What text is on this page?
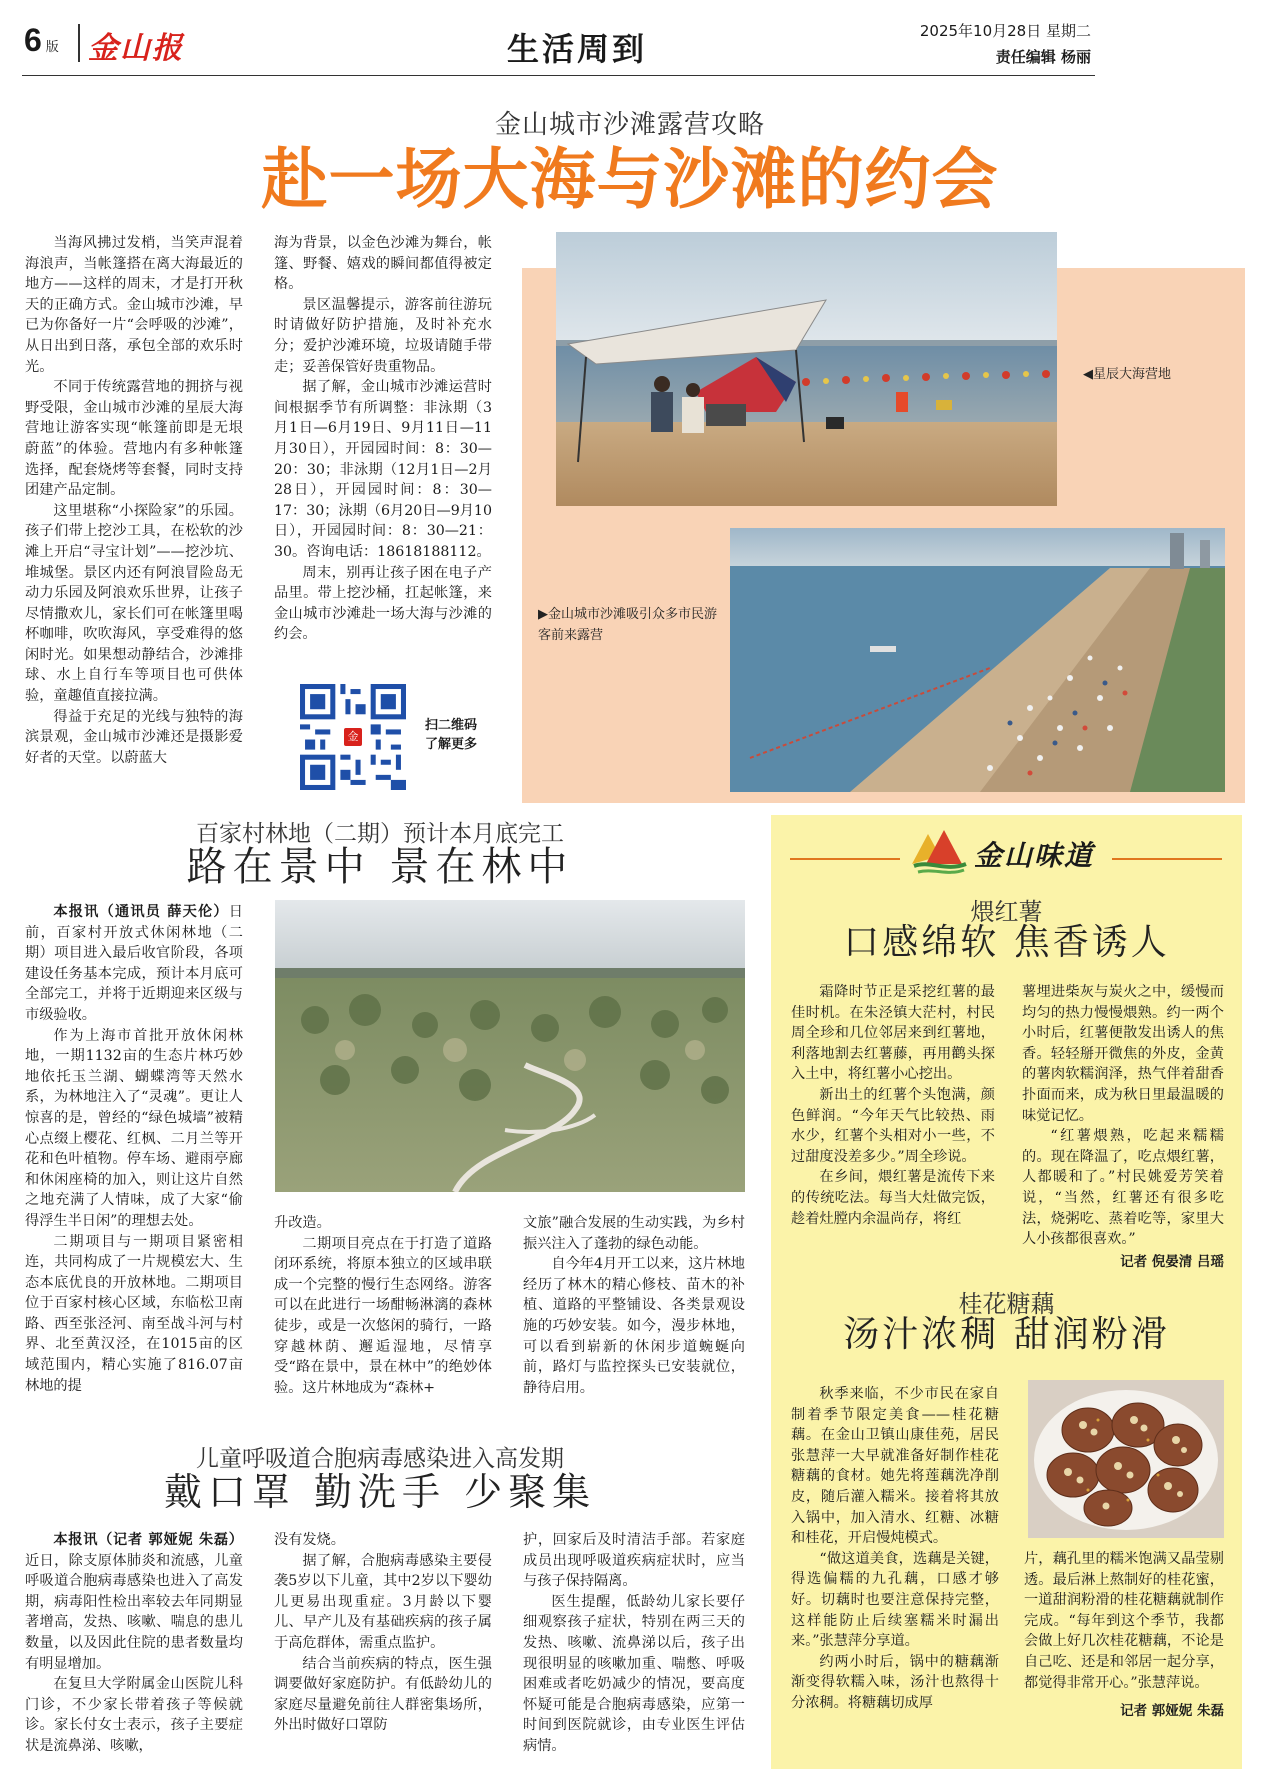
6 版 金山报	生活周到	2025年10月28日 星期二
责任编辑 杨丽
金山城市沙滩露营攻略
赴一场大海与沙滩的约会
◀星辰大海营地
▶金山城市沙滩吸引众多市民游客前来露营

当海风拂过发梢，当笑声混着海浪声，当帐篷搭在离大海最近的地方——这样的周末，才是打开秋天的正确方式。金山城市沙滩，早已为你备好一片“会呼吸的沙滩”，从日出到日落，承包全部的欢乐时光。

不同于传统露营地的拥挤与视野受限，金山城市沙滩的星辰大海营地让游客实现“帐篷前即是无垠蔚蓝”的体验。营地内有多种帐篷选择，配套烧烤等套餐，同时支持团建产品定制。

这里堪称“小探险家”的乐园。孩子们带上挖沙工具，在松软的沙滩上开启“寻宝计划”——挖沙坑、堆城堡。景区内还有阿浪冒险岛无动力乐园及阿浪欢乐世界，让孩子尽情撒欢儿，家长们可在帐篷里喝杯咖啡，吹吹海风，享受难得的悠闲时光。如果想动静结合，沙滩排球、水上自行车等项目也可供体验，童趣值直接拉满。

得益于充足的光线与独特的海滨景观，金山城市沙滩还是摄影爱好者的天堂。以蔚蓝大

海为背景，以金色沙滩为舞台，帐篷、野餐、嬉戏的瞬间都值得被定格。

景区温馨提示，游客前往游玩时请做好防护措施，及时补充水分；爱护沙滩环境，垃圾请随手带走；妥善保管好贵重物品。

据了解，金山城市沙滩运营时间根据季节有所调整：非泳期（3月1日—6月19日、9月11日—11月30日），开园园时间：8：30—20：30；非泳期（12月1日—2月28日），开园园时间：8：30—17：30；泳期（6月20日—9月10日），开园园时间：8：30—21：30。咨询电话：18618188112。

周末，别再让孩子困在电子产品里。带上挖沙桶，扛起帐篷，来金山城市沙滩赴一场大海与沙滩的约会。

金
扫二维码
了解更多
百家村林地（二期）预计本月底完工
路在景中 景在林中

本报讯（通讯员 薛天伦）日前，百家村开放式休闲林地（二期）项目进入最后收官阶段，各项建设任务基本完成，预计本月底可全部完工，并将于近期迎来区级与市级验收。

作为上海市首批开放休闲林地，一期1132亩的生态片林巧妙地依托玉兰湖、蝴蝶湾等天然水系，为林地注入了“灵魂”。更让人惊喜的是，曾经的“绿色城墙”被精心点缀上樱花、红枫、二月兰等开花和色叶植物。停车场、避雨亭廊和休闲座椅的加入，则让这片自然之地充满了人情味，成了大家“偷得浮生半日闲”的理想去处。

二期项目与一期项目紧密相连，共同构成了一片规模宏大、生态本底优良的开放林地。二期项目位于百家村核心区域，东临松卫南路、西至张泾河、南至战斗河与村界、北至黄汉泾，在1015亩的区域范围内，精心实施了816.07亩林地的提

升改造。

二期项目亮点在于打造了道路闭环系统，将原本独立的区域串联成一个完整的慢行生态网络。游客可以在此进行一场酣畅淋漓的森林徒步，或是一次悠闲的骑行，一路穿越林荫、邂逅湿地，尽情享受“路在景中，景在林中”的绝妙体验。这片林地成为“森林+

文旅”融合发展的生动实践，为乡村振兴注入了蓬勃的绿色动能。

自今年4月开工以来，这片林地经历了林木的精心修枝、苗木的补植、道路的平整铺设、各类景观设施的巧妙安装。如今，漫步林地，可以看到崭新的休闲步道蜿蜒向前，路灯与监控探头已安装就位，静待启用。

儿童呼吸道合胞病毒感染进入高发期
戴口罩 勤洗手 少聚集

本报讯（记者 郭娅妮 朱磊）近日，除支原体肺炎和流感，儿童呼吸道合胞病毒感染也进入了高发期，病毒阳性检出率较去年同期显著增高，发热、咳嗽、喘息的患儿数量，以及因此住院的患者数量均有明显增加。

在复旦大学附属金山医院儿科门诊，不少家长带着孩子等候就诊。家长付女士表示，孩子主要症状是流鼻涕、咳嗽，

没有发烧。

据了解，合胞病毒感染主要侵袭5岁以下儿童，其中2岁以下婴幼儿更易出现重症。3月龄以下婴儿、早产儿及有基础疾病的孩子属于高危群体，需重点监护。

结合当前疾病的特点，医生强调要做好家庭防护。有低龄幼儿的家庭尽量避免前往人群密集场所，外出时做好口罩防

护，回家后及时清洁手部。若家庭成员出现呼吸道疾病症状时，应当与孩子保持隔离。

医生提醒，低龄幼儿家长要仔细观察孩子症状，特别在两三天的发热、咳嗽、流鼻涕以后，孩子出现很明显的咳嗽加重、喘憋、呼吸困难或者吃奶减少的情况，要高度怀疑可能是合胞病毒感染，应第一时间到医院就诊，由专业医生评估病情。

金山味道
煨红薯
口感绵软 焦香诱人

霜降时节正是采挖红薯的最佳时机。在朱泾镇大茫村，村民周全珍和几位邻居来到红薯地，利落地割去红薯藤，再用鹳头探入土中，将红薯小心挖出。

新出土的红薯个头饱满，颜色鲜润。“今年天气比较热、雨水少，红薯个头相对小一些，不过甜度没差多少。”周全珍说。

在乡间，煨红薯是流传下来的传统吃法。每当大灶做完饭，趁着灶膛内余温尚存，将红

薯埋进柴灰与炭火之中，缓慢而均匀的热力慢慢煨熟。约一两个小时后，红薯便散发出诱人的焦香。轻轻掰开微焦的外皮，金黄的薯肉软糯润泽，热气伴着甜香扑面而来，成为秋日里最温暖的味觉记忆。

“红薯煨熟，吃起来糯糯的。现在降温了，吃点煨红薯，人都暖和了。”村民姚爱芳笑着说，“当然，红薯还有很多吃法，烧粥吃、蒸着吃等，家里大人小孩都很喜欢。”

记者 倪晏清 吕瑶
桂花糖藕
汤汁浓稠 甜润粉滑

秋季来临，不少市民在家自制着季节限定美食——桂花糖藕。在金山卫镇山康佳苑，居民张慧萍一大早就准备好制作桂花糖藕的食材。她先将莲藕洗净削皮，随后灌入糯米。接着将其放入锅中，加入清水、红糖、冰糖和桂花，开启慢炖模式。

“做这道美食，选藕是关键，得选偏糯的九孔藕，口感才够好。切藕时也要注意保持完整，这样能防止后续塞糯米时漏出来。”张慧萍分享道。

约两小时后，锅中的糖藕渐渐变得软糯入味，汤汁也熬得十分浓稠。将糖藕切成厚

片，藕孔里的糯米饱满又晶莹剔透。最后淋上熬制好的桂花蜜，一道甜润粉滑的桂花糖藕就制作完成。“每年到这个季节，我都会做上好几次桂花糖藕，不论是自己吃、还是和邻居一起分享，都觉得非常开心。”张慧萍说。

记者 郭娅妮 朱磊
